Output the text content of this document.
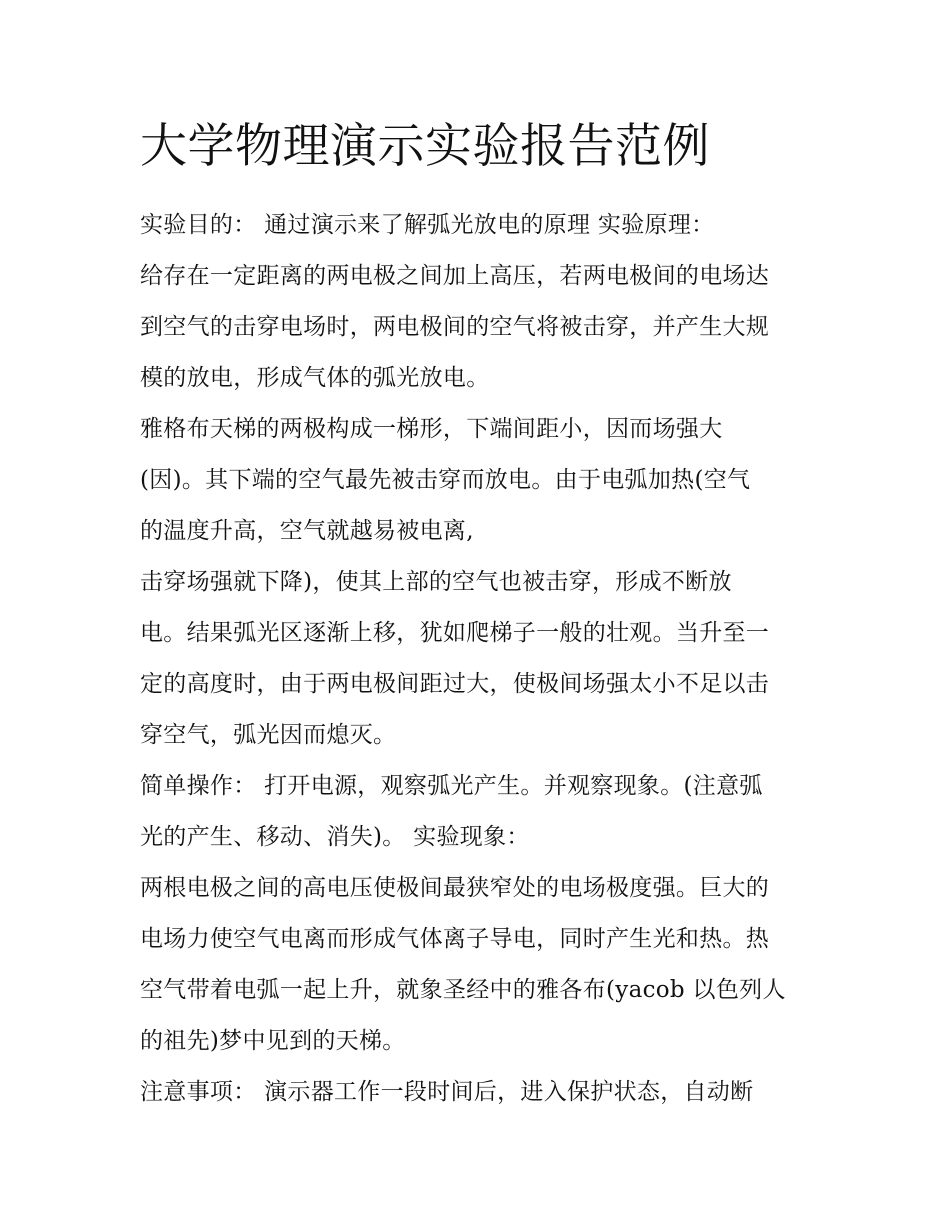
大学物理演示实验报告范例
实验目的： 通过演示来了解弧光放电的原理 实验原理：
给存在一定距离的两电极之间加上高压，若两电极间的电场达
到空气的击穿电场时，两电极间的空气将被击穿，并产生大规
模的放电，形成气体的弧光放电。
雅格布天梯的两极构成一梯形，下端间距小，因而场强大
(因)。其下端的空气最先被击穿而放电。由于电弧加热(空气
的温度升高，空气就越易被电离,
击穿场强就下降)，使其上部的空气也被击穿，形成不断放
电。结果弧光区逐渐上移，犹如爬梯子一般的壮观。当升至一
定的高度时，由于两电极间距过大，使极间场强太小不足以击
穿空气，弧光因而熄灭。
简单操作： 打开电源，观察弧光产生。并观察现象。(注意弧
光的产生、移动、消失)。 实验现象：
两根电极之间的高电压使极间最狭窄处的电场极度强。巨大的
电场力使空气电离而形成气体离子导电，同时产生光和热。热
空气带着电弧一起上升，就象圣经中的雅各布(yacob 以色列人
的祖先)梦中见到的天梯。
注意事项： 演示器工作一段时间后，进入保护状态，自动断
